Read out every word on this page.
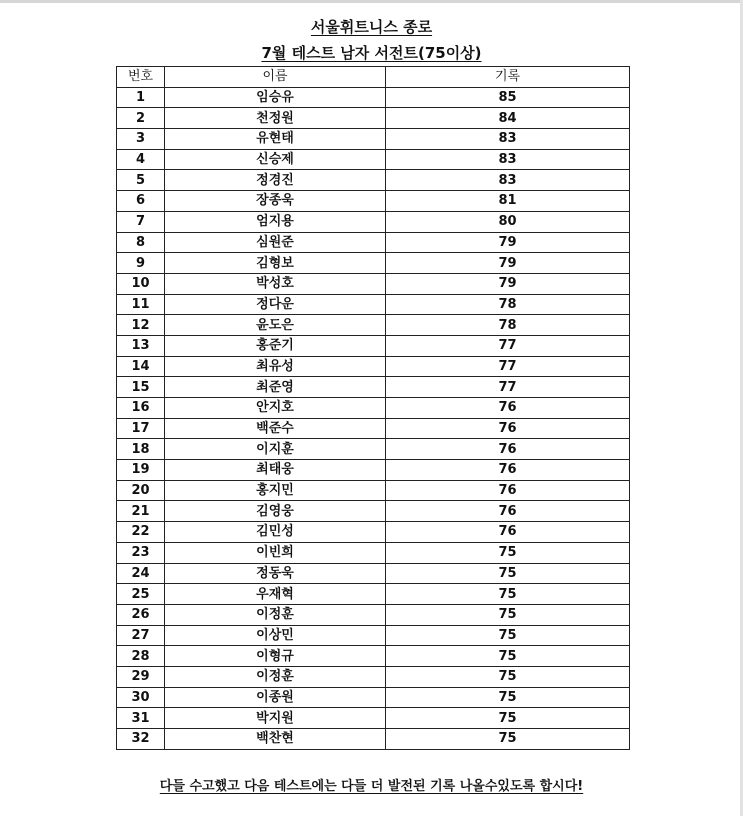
서울휘트니스 종로
7월 테스트 남자 서전트(75이상)
번호	이름	기록
1	임승유	85
2	천정원	84
3	유현태	83
4	신승제	83
5	정경진	83
6	장종욱	81
7	엄지용	80
8	심원준	79
9	김형보	79
10	박성호	79
11	정다운	78
12	윤도은	78
13	홍준기	77
14	최유성	77
15	최준영	77
16	안지호	76
17	백준수	76
18	이지훈	76
19	최태웅	76
20	홍지민	76
21	김영웅	76
22	김민성	76
23	이빈희	75
24	정동욱	75
25	우재혁	75
26	이정훈	75
27	이상민	75
28	이형규	75
29	이정훈	75
30	이종원	75
31	박지원	75
32	백찬현	75
다들 수고했고 다음 테스트에는 다들 더 발전된 기록 나올수있도록 합시다!
